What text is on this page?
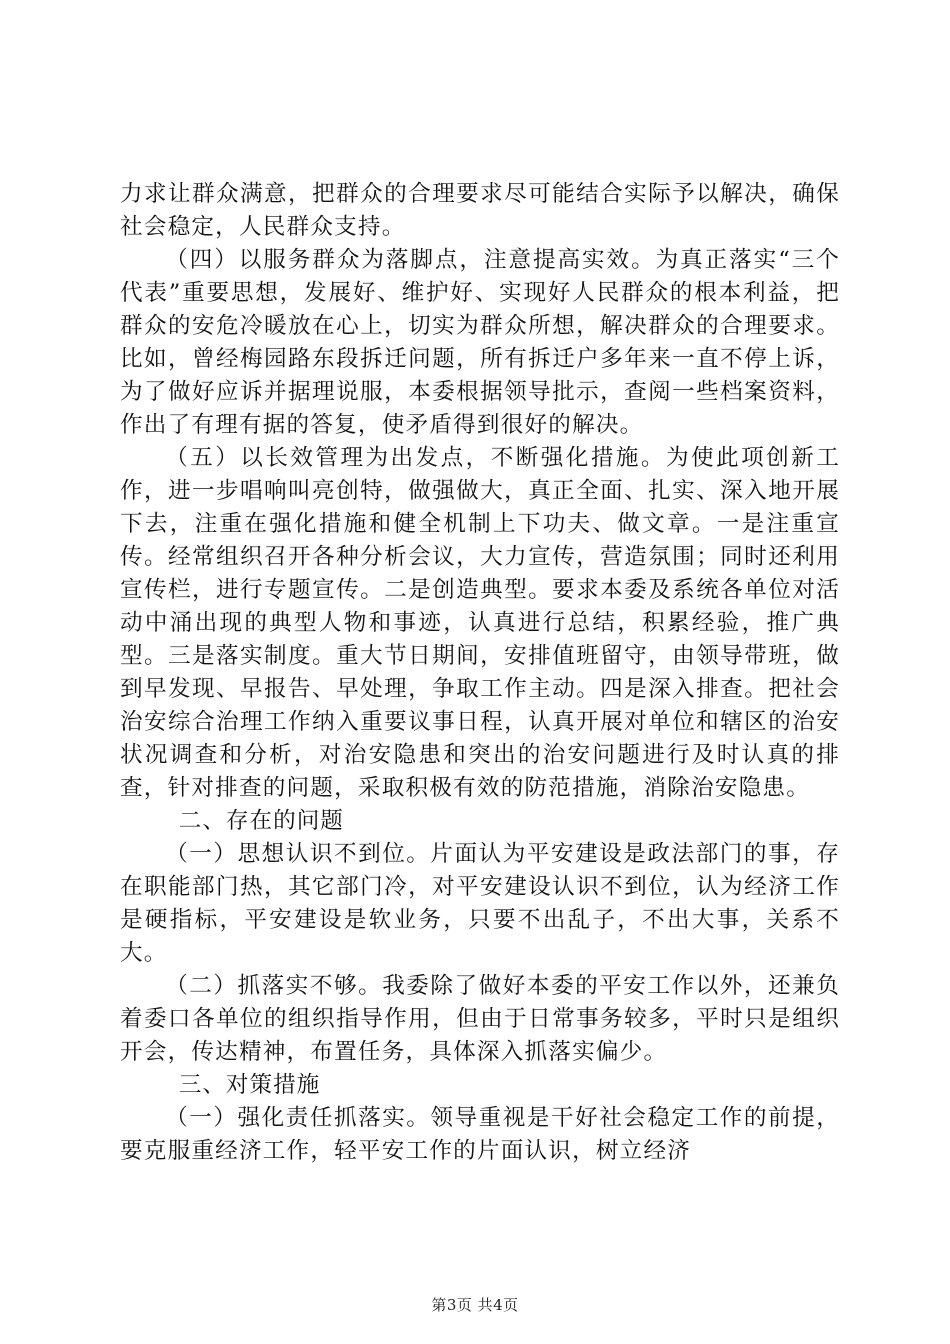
力求让群众满意，把群众的合理要求尽可能结合实际予以解决，确保社会稳定，人民群众支持。

（四）以服务群众为落脚点，注意提高实效。为真正落实“三个代表”重要思想，发展好、维护好、实现好人民群众的根本利益，把群众的安危冷暖放在心上，切实为群众所想，解决群众的合理要求。比如，曾经梅园路东段拆迁问题，所有拆迁户多年来一直不停上诉，为了做好应诉并据理说服，本委根据领导批示，查阅一些档案资料，作出了有理有据的答复，使矛盾得到很好的解决。

（五）以长效管理为出发点，不断强化措施。为使此项创新工作，进一步唱响叫亮创特，做强做大，真正全面、扎实、深入地开展下去，注重在强化措施和健全机制上下功夫、做文章。一是注重宣传。经常组织召开各种分析会议，大力宣传，营造氛围；同时还利用宣传栏，进行专题宣传。二是创造典型。要求本委及系统各单位对活动中涌出现的典型人物和事迹，认真进行总结，积累经验，推广典型。三是落实制度。重大节日期间，安排值班留守，由领导带班，做到早发现、早报告、早处理，争取工作主动。四是深入排查。把社会治安综合治理工作纳入重要议事日程，认真开展对单位和辖区的治安状况调查和分析，对治安隐患和突出的治安问题进行及时认真的排查，针对排查的问题，采取积极有效的防范措施，消除治安隐患。

二、存在的问题

（一）思想认识不到位。片面认为平安建设是政法部门的事，存在职能部门热，其它部门冷，对平安建设认识不到位，认为经济工作是硬指标，平安建设是软业务，只要不出乱子，不出大事，关系不大。

（二）抓落实不够。我委除了做好本委的平安工作以外，还兼负着委口各单位的组织指导作用，但由于日常事务较多，平时只是组织开会，传达精神，布置任务，具体深入抓落实偏少。

三、对策措施

（一）强化责任抓落实。领导重视是干好社会稳定工作的前提，要克服重经济工作，轻平安工作的片面认识，树立经济

第3页 共4页
